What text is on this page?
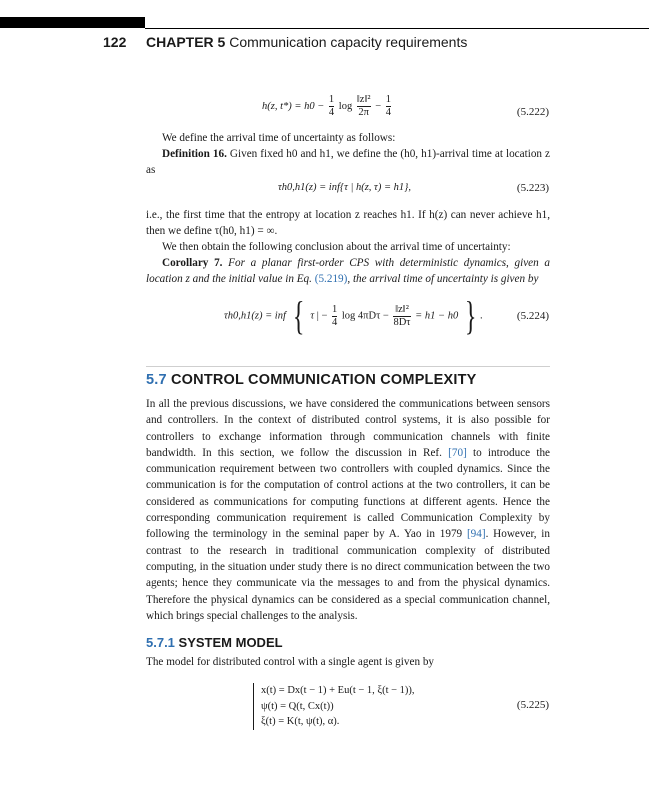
122 CHAPTER 5 Communication capacity requirements
h(z, $t*) = h0 - \frac{1}{4}$ $\log \frac{\text{‖z‖²}}{2\pi} - \frac{1}{4}$	(5.222)
We define the arrival time of uncertainty as follows:
Definition 16. Given fixed h0 and h1, we define the (h0, h1)-arrival time at location z as
τh0,h1(z) = inf{τ | h(z, τ) = h1},	(5.223)
i.e., the first time that the entropy at location z reaches h1. If h(z) can never achieve h1, then we define τ(h0, h1) = ∞.
We then obtain the following conclusion about the arrival time of uncertainty:
Corollary 7. For a planar first-order CPS with deterministic dynamics, given a location z and the initial value in Eq. (5.219), the arrival time of uncertainty is given by
τh0,h1(z) = inf { τ | − $\frac{1}{4}$ $\log 4\pi D\tau - \frac{\text{‖z‖²}}{8D\tau} = h1 - h0$ } .	(5.224)
5.7 CONTROL COMMUNICATION COMPLEXITY
In all the previous discussions, we have considered the communications between sensors and controllers. In the context of distributed control systems, it is also possible for controllers to exchange information through communication channels with finite bandwidth. In this section, we follow the discussion in Ref. [70] to introduce the communication requirement between two controllers with coupled dynamics. Since the communication is for the computation of control actions at the two controllers, it can be considered as communications for computing functions at different agents. Hence the corresponding communication requirement is called Communication Complexity by following the terminology in the seminal paper by A. Yao in 1979 [94]. However, in contrast to the research in traditional communication complexity of distributed computing, in the situation under study there is no direct communication between the two agents; hence they communicate via the messages to and from the physical dynamics. Therefore the physical dynamics can be considered as a special communication channel, which brings special challenges to the analysis.
5.7.1 SYSTEM MODEL
The model for distributed control with a single agent is given by
x(t) = Dx(t − 1) + Eu(t − 1, ξ(t − 1)),
ψ(t) = Q(t, Cx(t))
ξ(t) = K(t, ψ(t), α).
(5.225)
